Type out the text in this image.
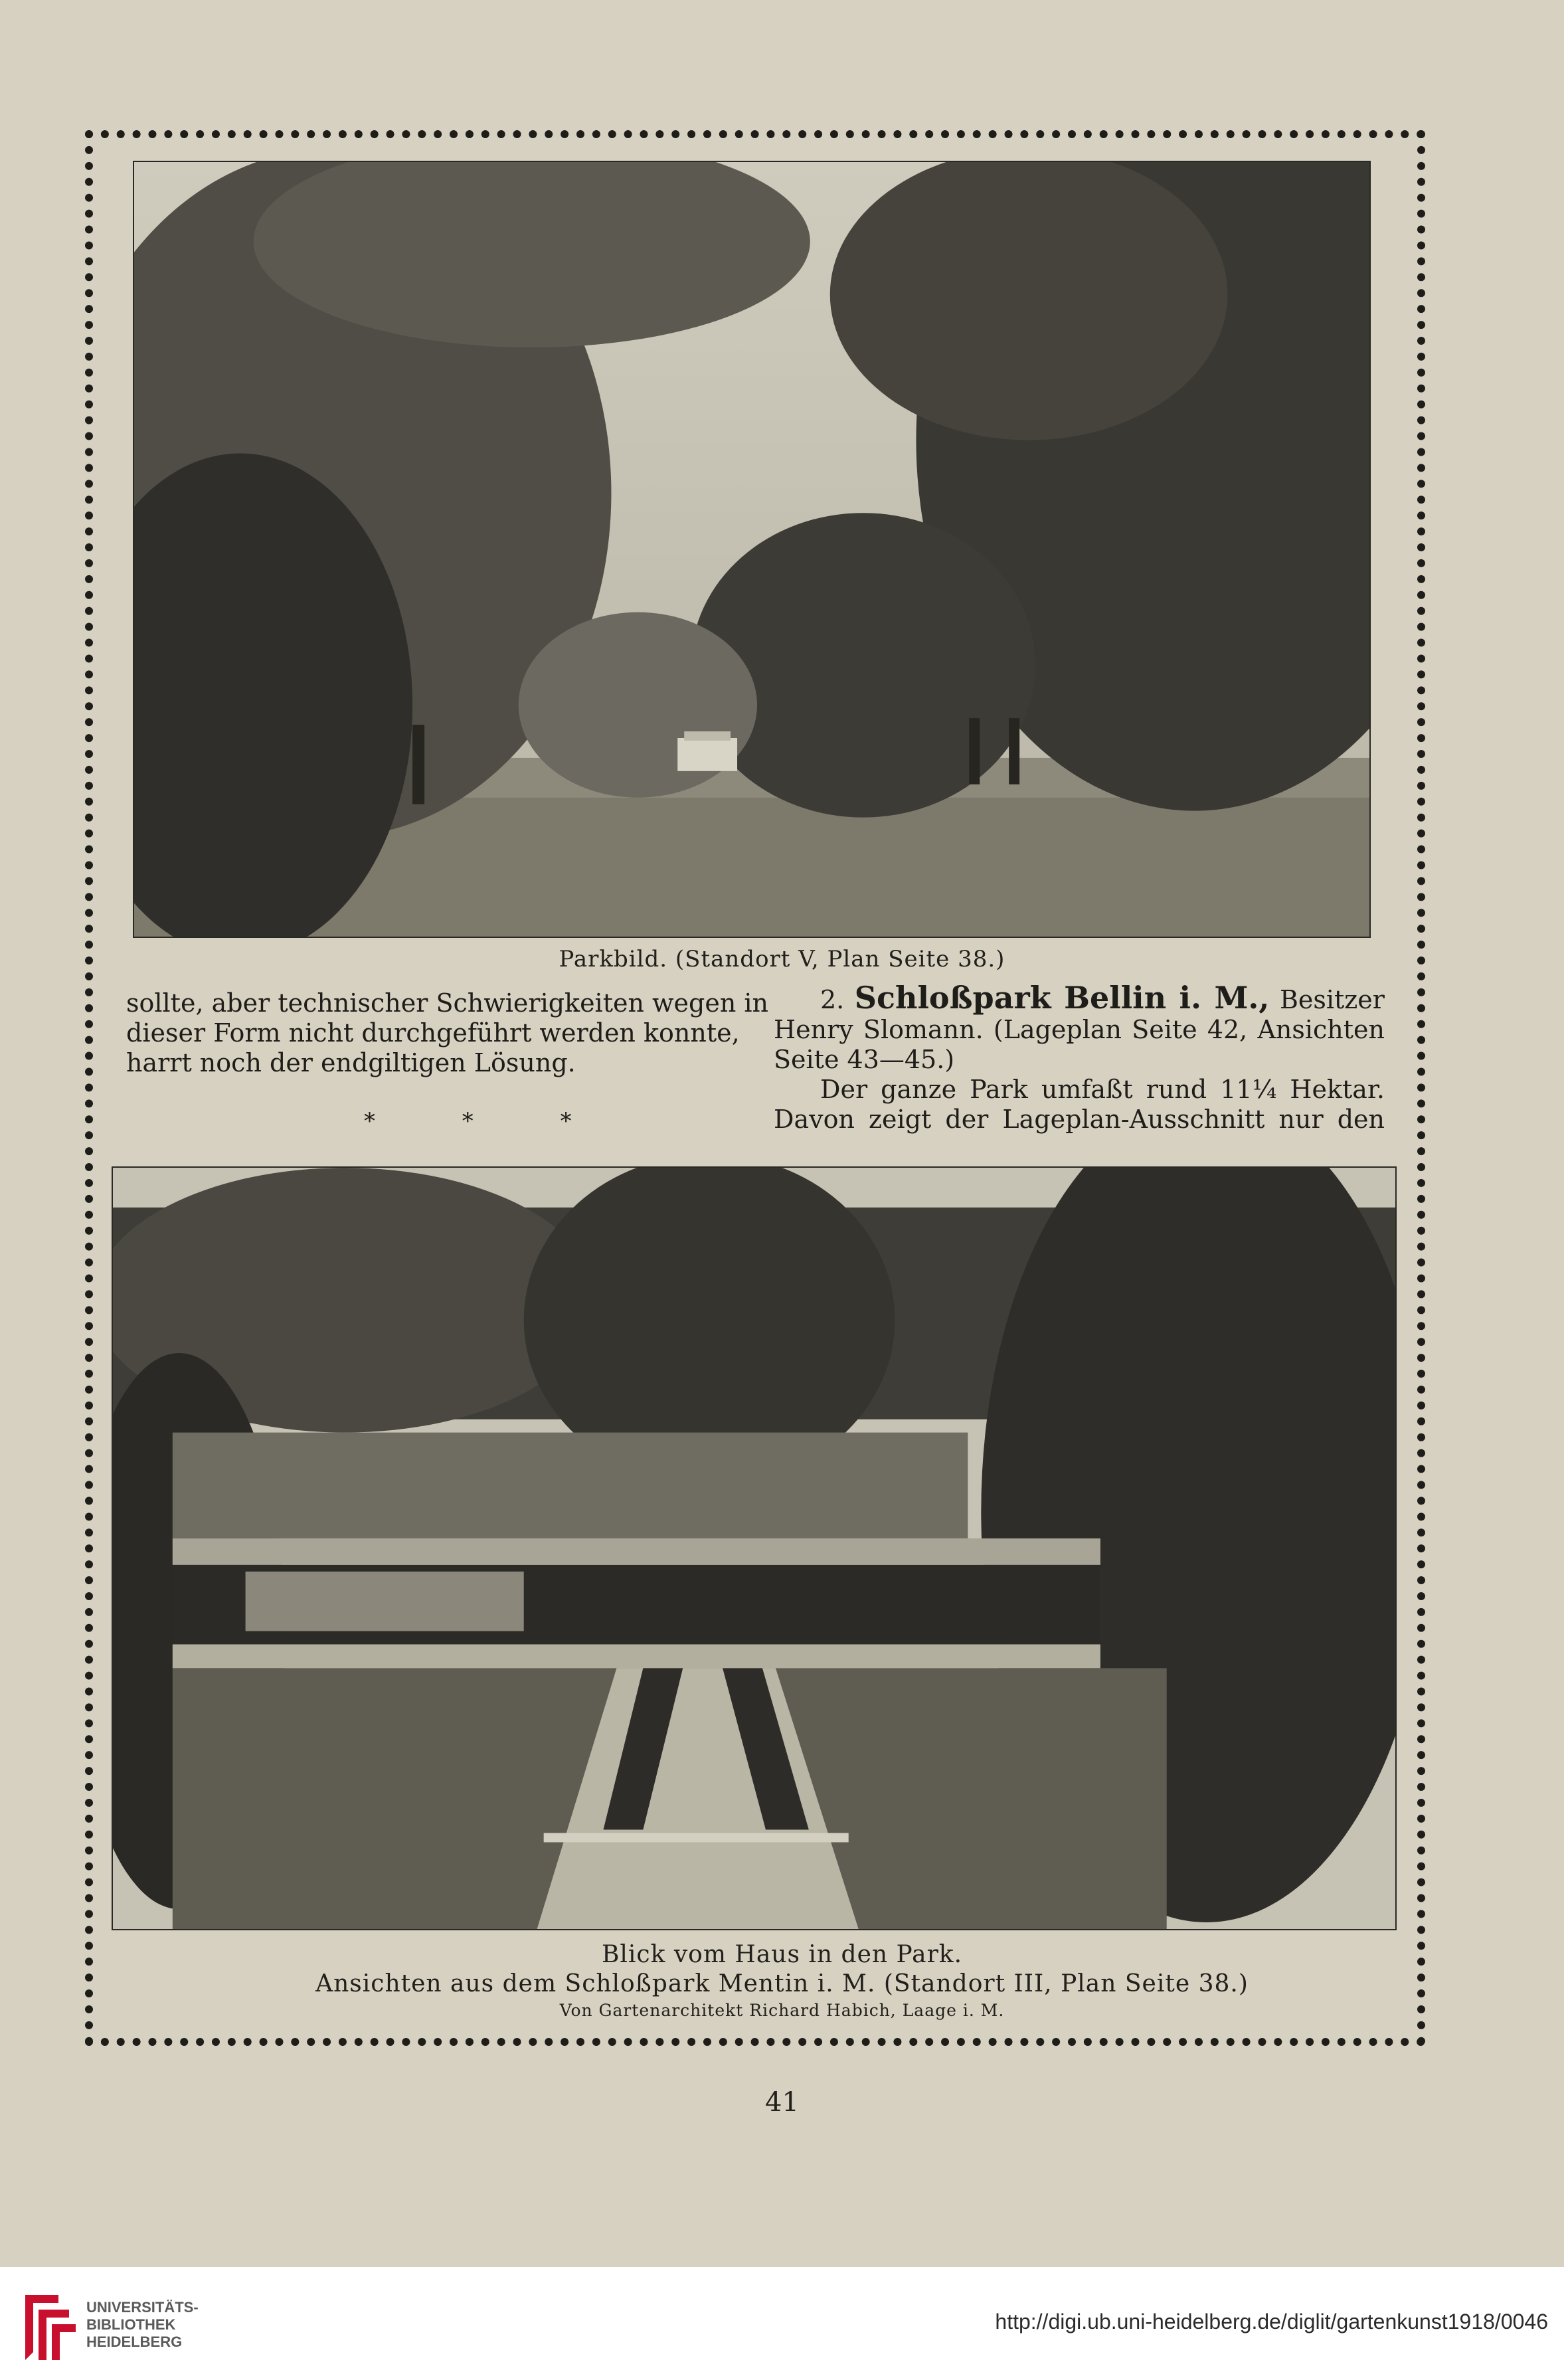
Parkbild. (Standort V, Plan Seite 38.)
sollte, aber technischer Schwierigkeiten wegen in
dieser Form nicht durchgeführt werden konnte,
harrt noch der endgiltigen Lösung.
* * *
2. Schloßpark Bellin i. M., Besitzer
Henry Slomann. (Lageplan Seite 42, Ansichten
Seite 43—45.)
Der ganze Park umfaßt rund 11¼ Hektar.
Davon zeigt der Lageplan-Ausschnitt nur den
Blick vom Haus in den Park.
Ansichten aus dem Schloßpark Mentin i. M. (Standort III, Plan Seite 38.)
Von Gartenarchitekt Richard Habich, Laage i. M.
41
UNIVERSITÄTS-
BIBLIOTHEK
HEIDELBERG
http://digi.ub.uni-heidelberg.de/diglit/gartenkunst1918/0046
